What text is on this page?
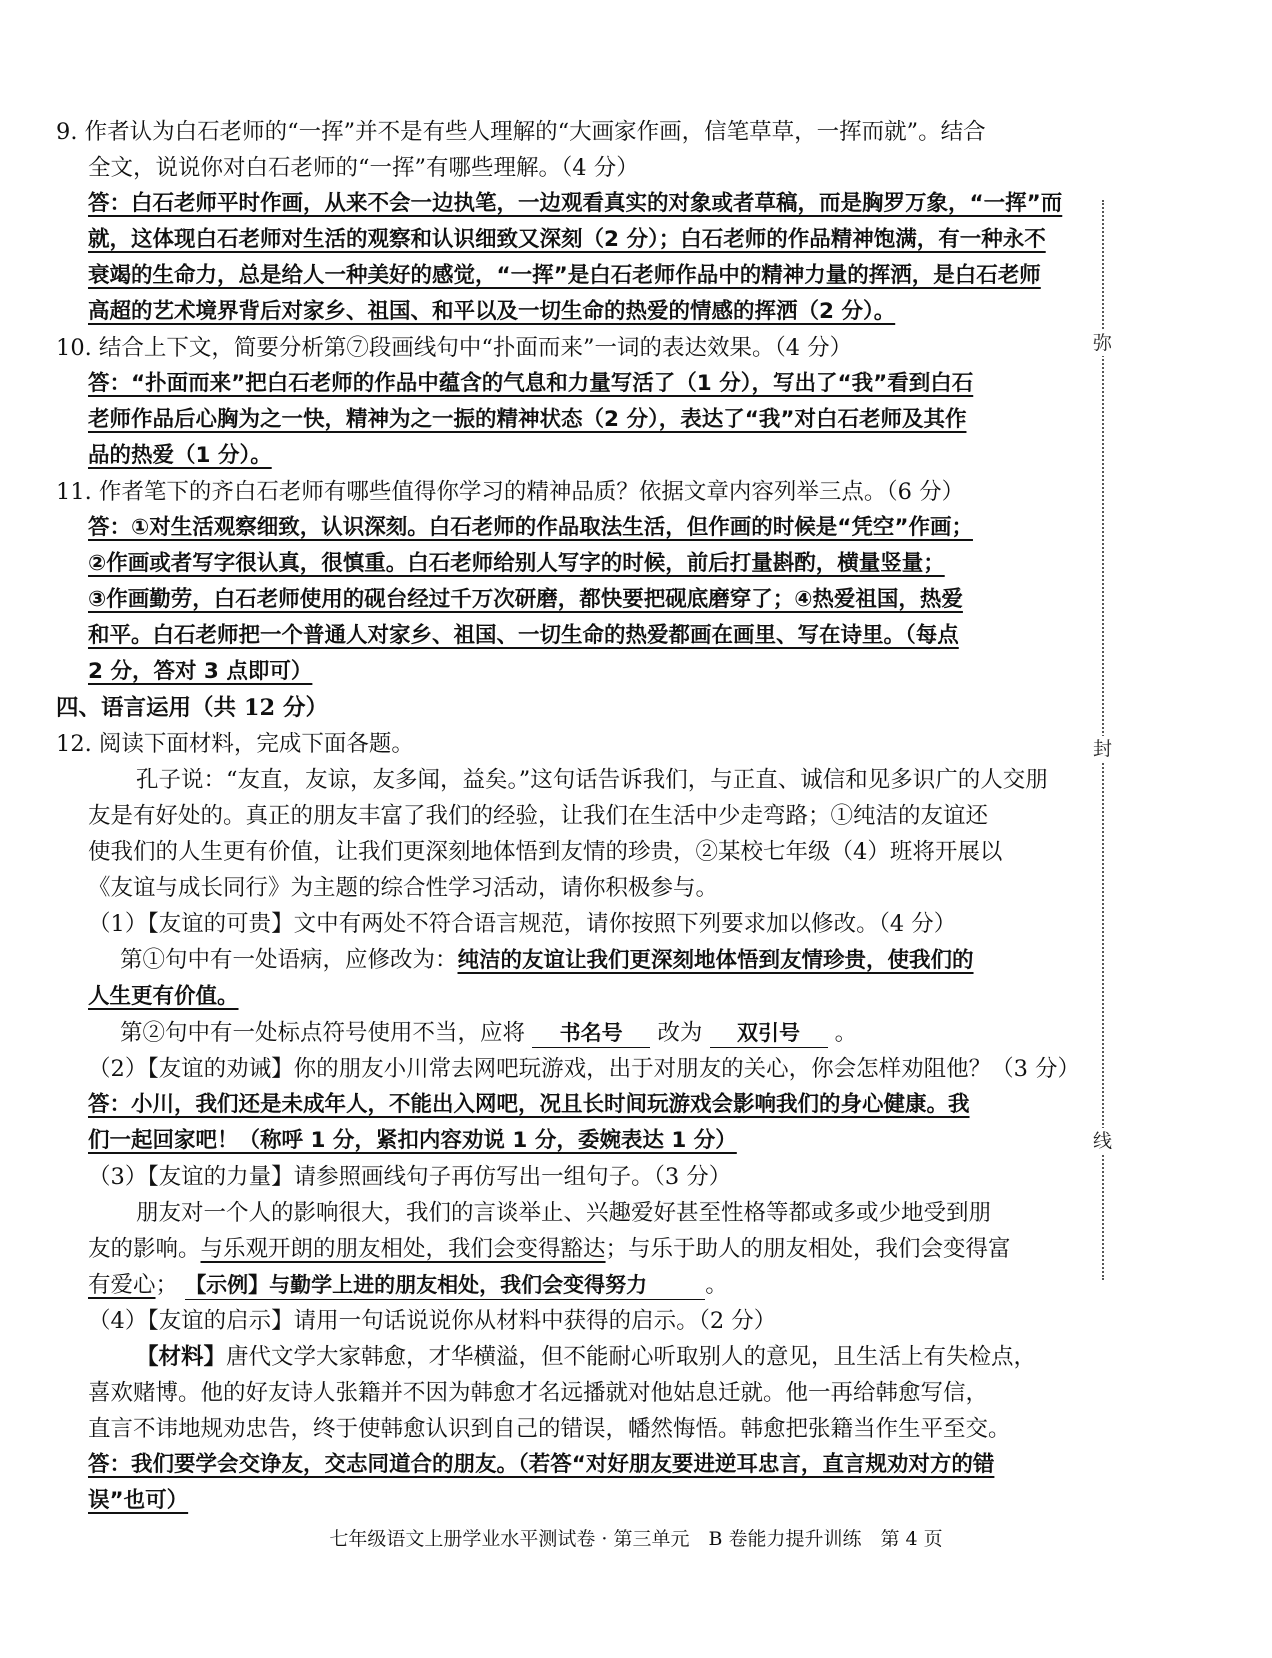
9. 作者认为白石老师的“一挥”并不是有些人理解的“大画家作画，信笔草草，一挥而就”。结合
全文，说说你对白石老师的“一挥”有哪些理解。（4 分）
答：白石老师平时作画，从来不会一边执笔，一边观看真实的对象或者草稿，而是胸罗万象，“一挥”而
就，这体现白石老师对生活的观察和认识细致又深刻（2 分）；白石老师的作品精神饱满，有一种永不
衰竭的生命力，总是给人一种美好的感觉，“一挥”是白石老师作品中的精神力量的挥洒，是白石老师
高超的艺术境界背后对家乡、祖国、和平以及一切生命的热爱的情感的挥洒（2 分）。
10. 结合上下文，简要分析第⑦段画线句中“扑面而来”一词的表达效果。（4 分）
答：“扑面而来”把白石老师的作品中蕴含的气息和力量写活了（1 分），写出了“我”看到白石
老师作品后心胸为之一快，精神为之一振的精神状态（2 分），表达了“我”对白石老师及其作
品的热爱（1 分）。
11. 作者笔下的齐白石老师有哪些值得你学习的精神品质？依据文章内容列举三点。（6 分）
答：①对生活观察细致，认识深刻。白石老师的作品取法生活，但作画的时候是“凭空”作画；
②作画或者写字很认真，很慎重。白石老师给别人写字的时候，前后打量斟酌，横量竖量；
③作画勤劳，白石老师使用的砚台经过千万次研磨，都快要把砚底磨穿了；④热爱祖国，热爱
和平。白石老师把一个普通人对家乡、祖国、一切生命的热爱都画在画里、写在诗里。（每点
2 分，答对 3 点即可）
四、语言运用（共 12 分）
12. 阅读下面材料，完成下面各题。
孔子说：“友直，友谅，友多闻，益矣。”这句话告诉我们，与正直、诚信和见多识广的人交朋
友是有好处的。真正的朋友丰富了我们的经验，让我们在生活中少走弯路；①纯洁的友谊还
使我们的人生更有价值，让我们更深刻地体悟到友情的珍贵，②某校七年级（4）班将开展以
《友谊与成长同行》为主题的综合性学习活动，请你积极参与。
（1）【友谊的可贵】文中有两处不符合语言规范，请你按照下列要求加以修改。（4 分）
第①句中有一处语病，应修改为：纯洁的友谊让我们更深刻地体悟到友情珍贵，使我们的
人生更有价值。
第②句中有一处标点符号使用不当，应将 书名号 改为 双引号 。
（2）【友谊的劝诫】你的朋友小川常去网吧玩游戏，出于对朋友的关心，你会怎样劝阻他？（3 分）
答：小川，我们还是未成年人，不能出入网吧，况且长时间玩游戏会影响我们的身心健康。我
们一起回家吧！（称呼 1 分，紧扣内容劝说 1 分，委婉表达 1 分）
（3）【友谊的力量】请参照画线句子再仿写出一组句子。（3 分）
朋友对一个人的影响很大，我们的言谈举止、兴趣爱好甚至性格等都或多或少地受到朋
友的影响。与乐观开朗的朋友相处，我们会变得豁达；与乐于助人的朋友相处，我们会变得富
有爱心； 【示例】与勤学上进的朋友相处，我们会变得努力	。
（4）【友谊的启示】请用一句话说说你从材料中获得的启示。（2 分）
【材料】唐代文学大家韩愈，才华横溢，但不能耐心听取别人的意见，且生活上有失检点，
喜欢赌博。他的好友诗人张籍并不因为韩愈才名远播就对他姑息迁就。他一再给韩愈写信，
直言不讳地规劝忠告，终于使韩愈认识到自己的错误，幡然悔悟。韩愈把张籍当作生平至交。
答：我们要学会交诤友，交志同道合的朋友。（若答“对好朋友要进逆耳忠言，直言规劝对方的错
误”也可）
弥
封
线
七年级语文上册学业水平测试卷 · 第三单元　B 卷能力提升训练　第 4 页
